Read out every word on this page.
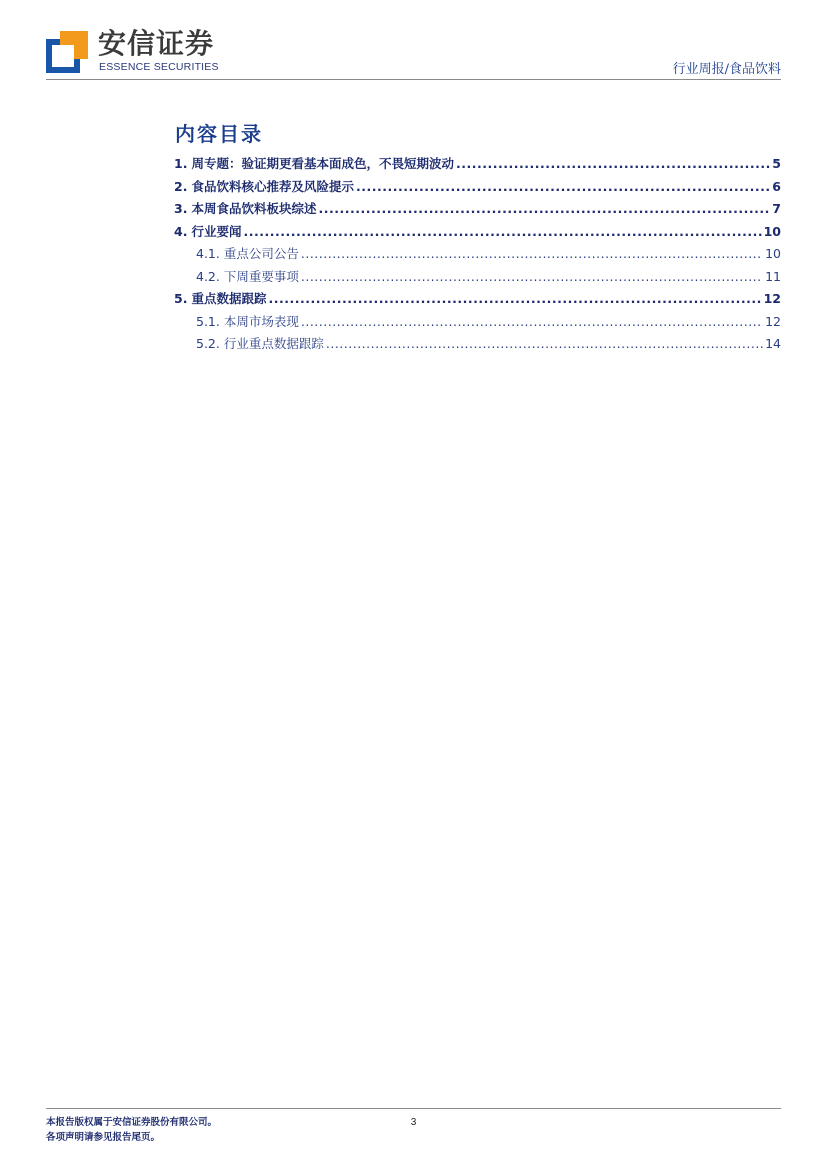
安信证券
ESSENCE SECURITIES	行业周报/食品饮料
内容目录
1. 周专题：验证期更看基本面成色，不畏短期波动 .....	5
2. 食品饮料核心推荐及风险提示 .....	6
3. 本周食品饮料板块综述 .....	7
4. 行业要闻 .....	10
4.1. 重点公司公告 .....	10
4.2. 下周重要事项 .....	11
5. 重点数据跟踪 .....	12
5.1. 本周市场表现 .....	12
5.2. 行业重点数据跟踪 .....	14
本报告版权属于安信证券股份有限公司。
各项声明请参见报告尾页。
3
